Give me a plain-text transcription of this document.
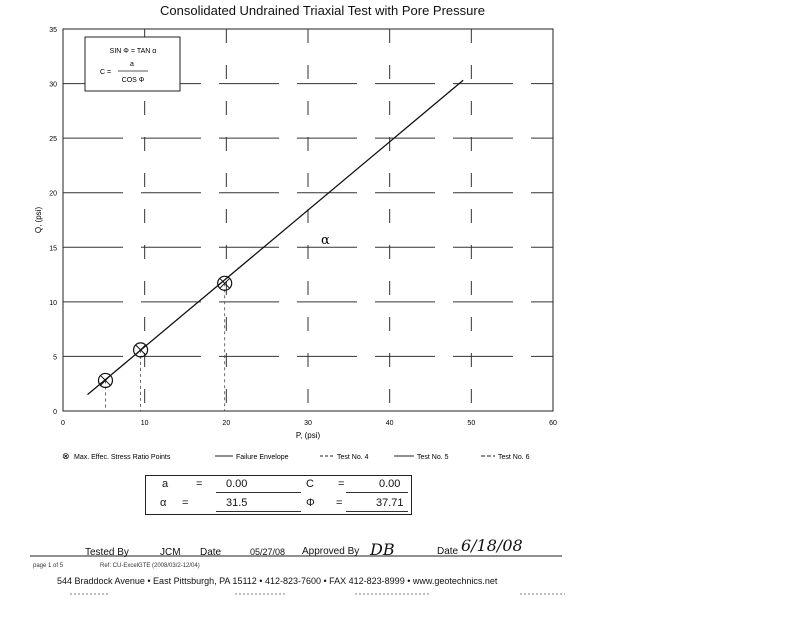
SIN Φ = TAN α
a
C =
COS Φ
0	10	20	30	40	50	60
0
5
10
15
20
25
30
35
P, (psi)
Q, (psi)
α
⊗ Max. Effec. Stress Ratio Points	Failure Envelope	Test No. 4	Test No. 5	Test No. 6
Consolidated Undrained Triaxial Test with Pore Pressure
a	= 0.00	C =	0.00
α =	31.5	Φ =	37.71
Tested By	JCM Date	05/27/08 Approved By DB	Date 6/18/08
page 1 of 5	Ref: CU-ExcelGTE (2008/03/2-12/04)
544 Braddock Avenue • East Pittsburgh, PA 15112 • 412-823-7600 • FAX 412-823-8999 • www.geotechnics.net
